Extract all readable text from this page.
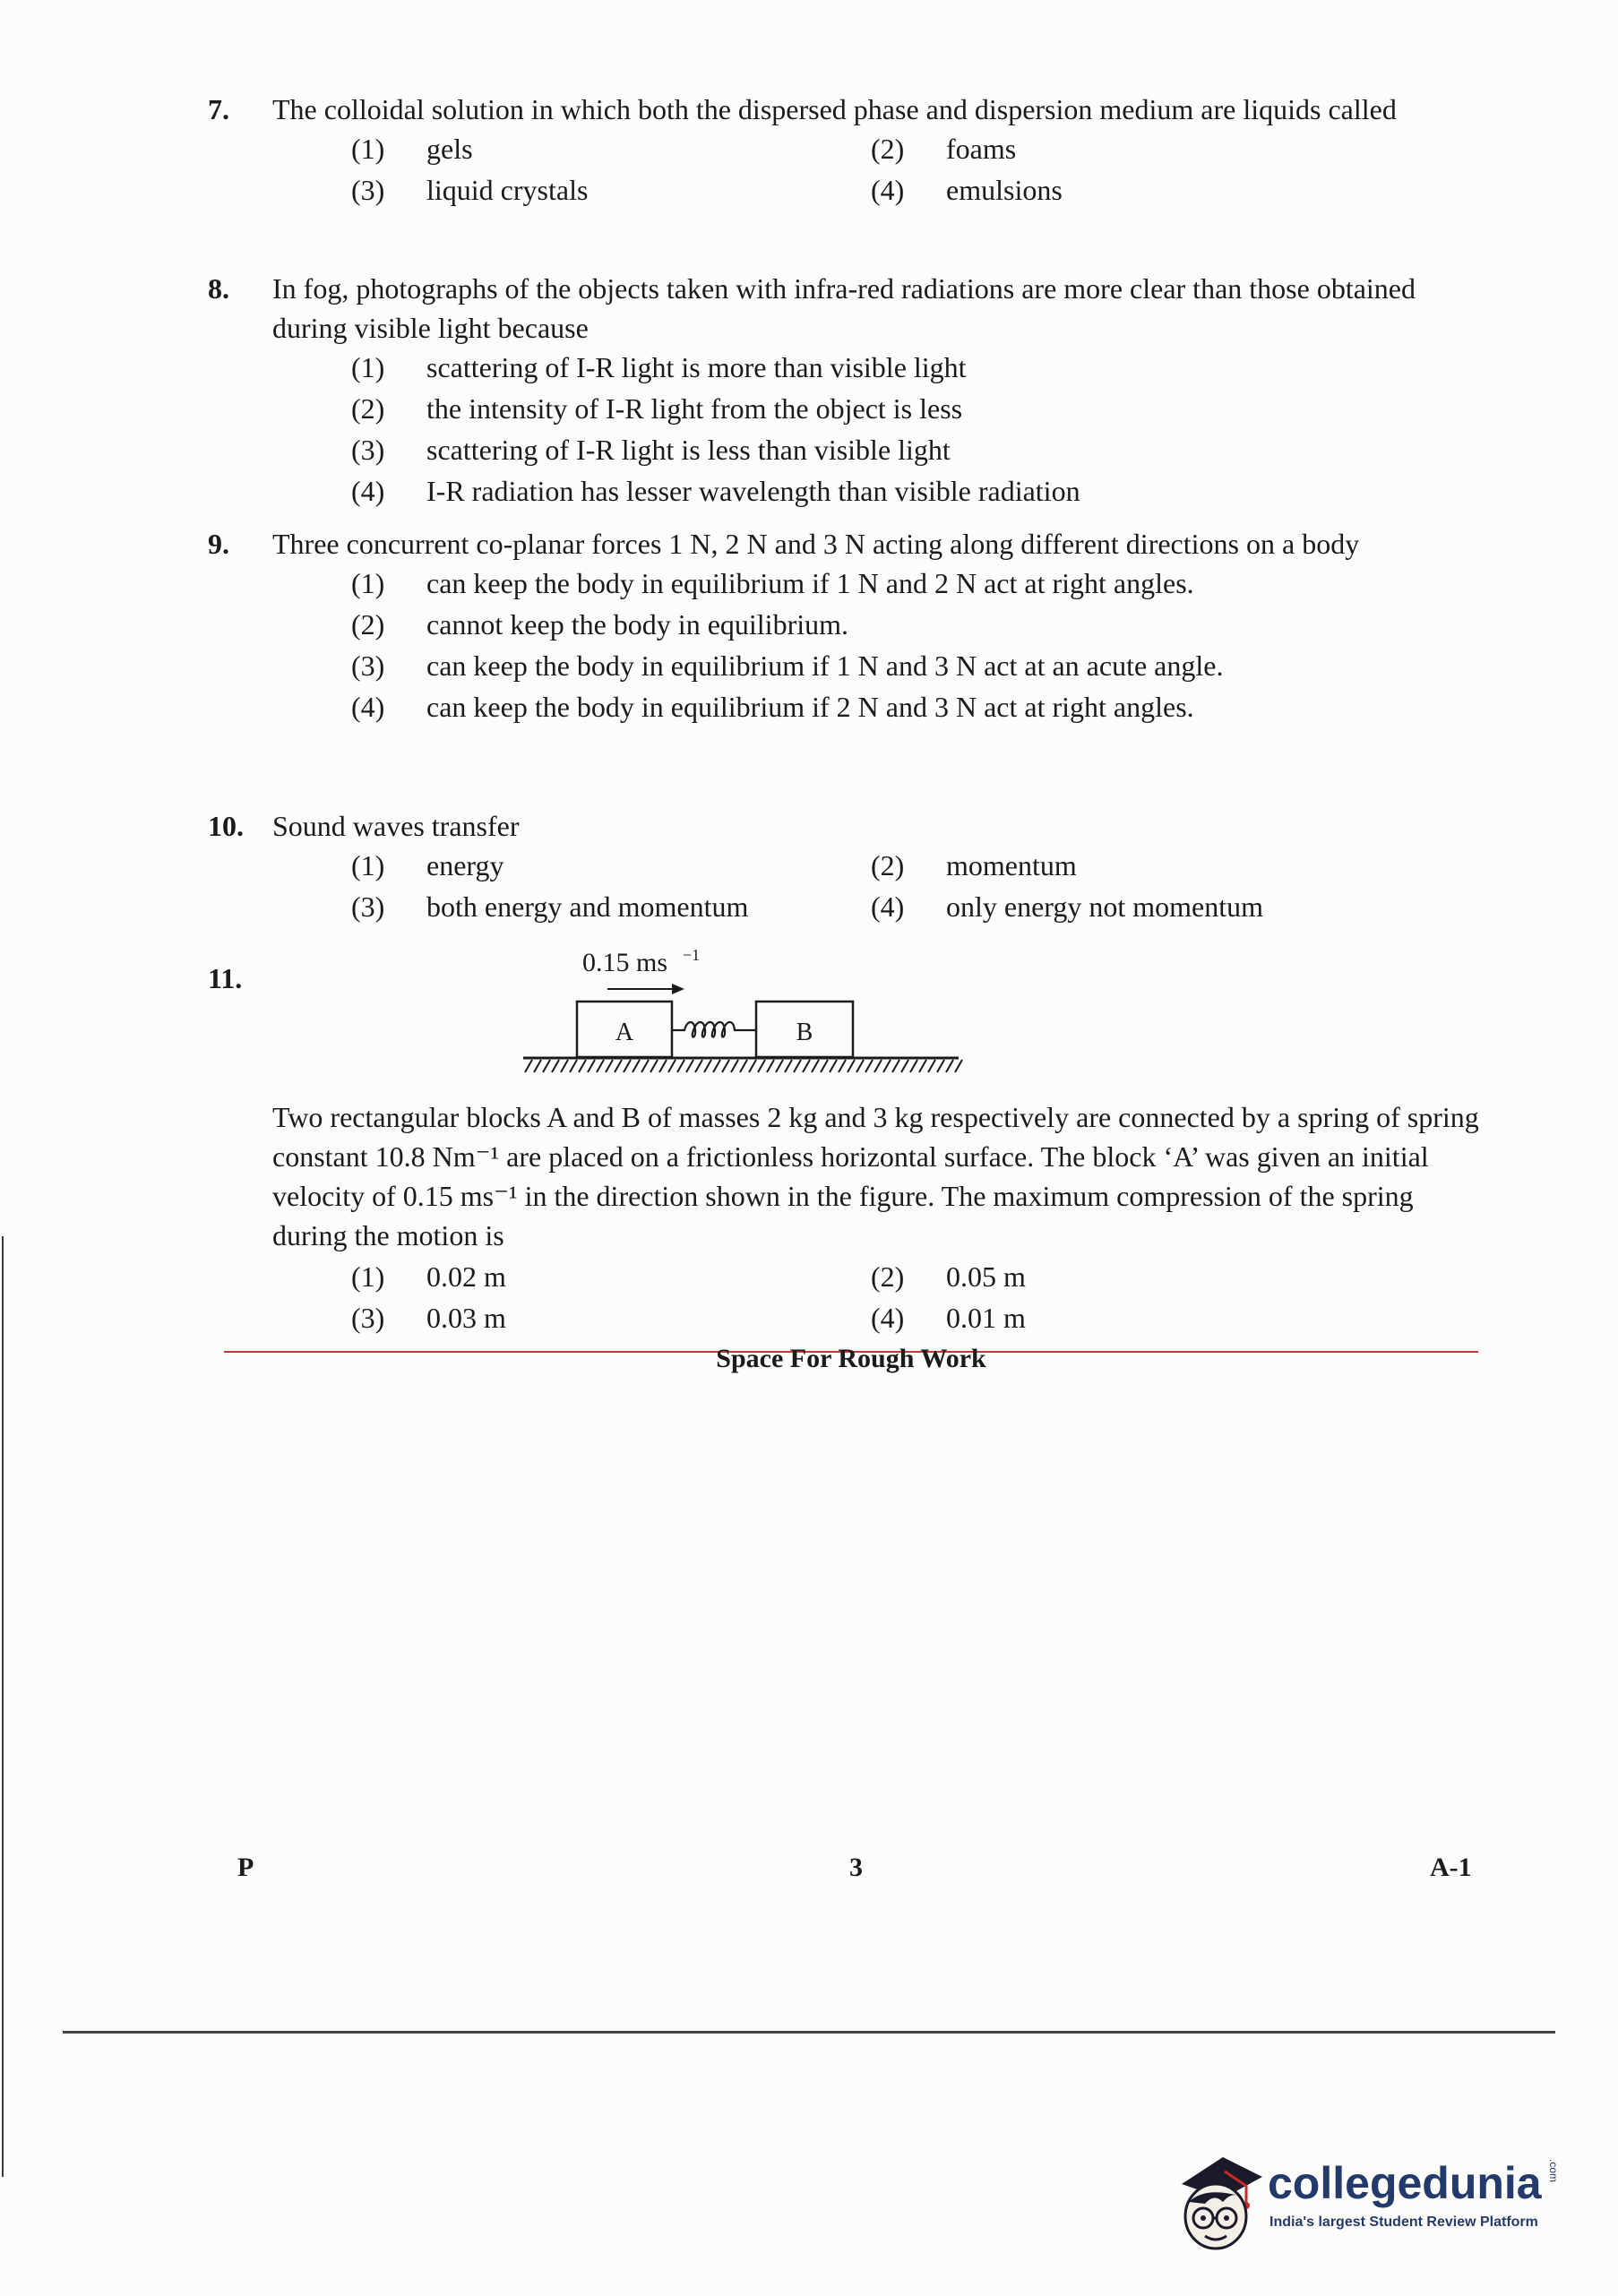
7. The colloidal solution in which both the dispersed phase and dispersion medium are liquids called
(1)	gels	(2)	foams
(3)	liquid crystals	(4)	emulsions
8. In fog, photographs of the objects taken with infra-red radiations are more clear than those obtained during visible light because
(1)	scattering of I-R light is more than visible light
(2)	the intensity of I-R light from the object is less
(3)	scattering of I-R light is less than visible light
(4)	I-R radiation has lesser wavelength than visible radiation
9. Three concurrent co-planar forces 1 N, 2 N and 3 N acting along different directions on a body
(1)	can keep the body in equilibrium if 1 N and 2 N act at right angles.
(2)	cannot keep the body in equilibrium.
(3)	can keep the body in equilibrium if 1 N and 3 N act at an acute angle.
(4)	can keep the body in equilibrium if 2 N and 3 N act at right angles.
10. Sound waves transfer
(1)	energy	(2)	momentum
(3)	both energy and momentum	(4)	only energy not momentum
11.	0.15 ms −1
A	B
Two rectangular blocks A and B of masses 2 kg and 3 kg respectively are connected by a spring of spring constant 10.8 Nm⁻¹ are placed on a frictionless horizontal surface. The block ‘A’ was given an initial velocity of 0.15 ms⁻¹ in the direction shown in the figure. The maximum compression of the spring during the motion is
(1)	0.02 m	(2)	0.05 m
(3)	0.03 m	(4)	0.01 m
Space For Rough Work
P	3	A-1
collegedunia .com
India's largest Student Review Platform
